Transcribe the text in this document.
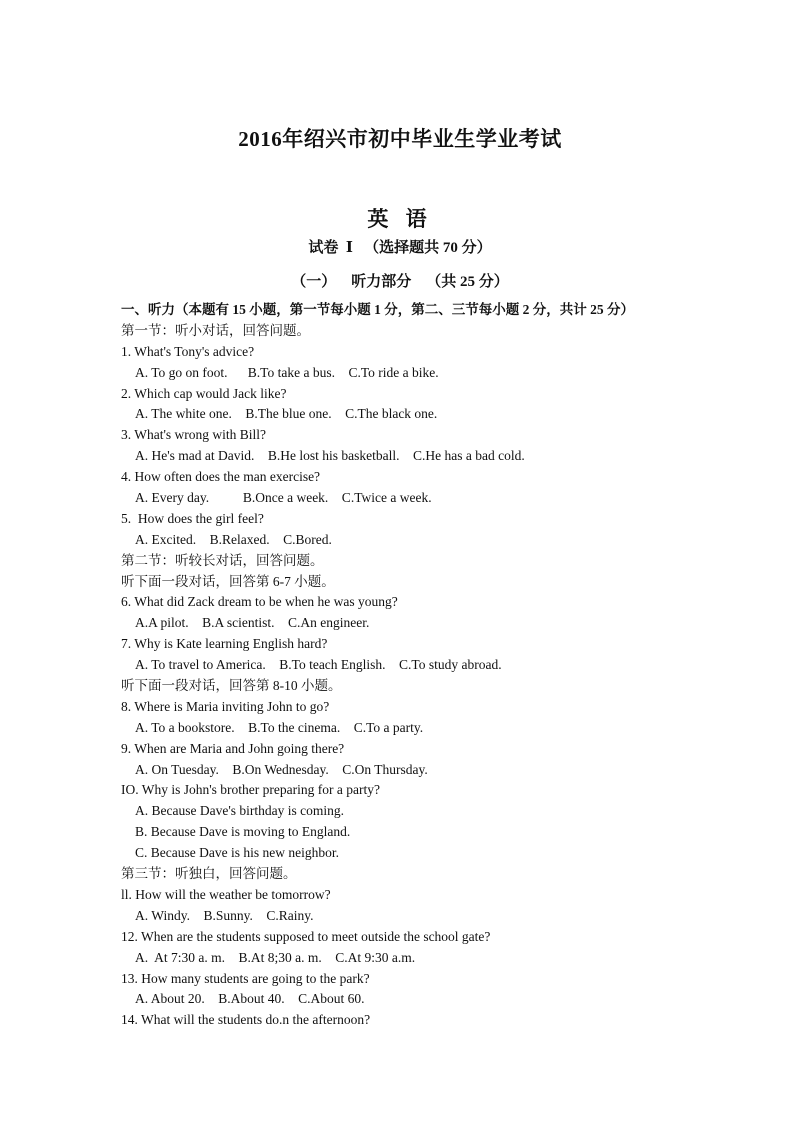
2016年绍兴市初中毕业生学业考试
英 语
试卷  Ⅰ   （选择题共 70 分）
（一）    听力部分    （共 25 分）
一、听力（本题有 15 小题，第一节每小题 1 分，第二、三节每小题 2 分，共计 25 分）
第一节：听小对话，回答问题。
1. What's Tony's advice?
A. To go on foot.      B.To take a bus.    C.To ride a bike.
2. Which cap would Jack like?
A. The white one.    B.The blue one.    C.The black one.
3. What's wrong with Bill?
A. He's mad at David.    B.He lost his basketball.    C.He has a bad cold.
4. How often does the man exercise?
A. Every day.          B.Once a week.    C.Twice a week.
5.  How does the girl feel?
A. Excited.    B.Relaxed.    C.Bored.
第二节：听较长对话，回答问题。
听下面一段对话，回答第 6-7 小题。
6. What did Zack dream to be when he was young?
A.A pilot.    B.A scientist.    C.An engineer.
7. Why is Kate learning English hard?
A. To travel to America.    B.To teach English.    C.To study abroad.
听下面一段对话，回答第 8-10 小题。
8. Where is Maria inviting John to go?
A. To a bookstore.    B.To the cinema.    C.To a party.
9. When are Maria and John going there?
A. On Tuesday.    B.On Wednesday.    C.On Thursday.
IO. Why is John's brother preparing for a party?
A. Because Dave's birthday is coming.
B. Because Dave is moving to England.
C. Because Dave is his new neighbor.
第三节：听独白，回答问题。
ll. How will the weather be tomorrow?
A. Windy.    B.Sunny.    C.Rainy.
12. When are the students supposed to meet outside the school gate?
A.  At 7:30 a. m.    B.At 8;30 a. m.    C.At 9:30 a.m.
13. How many students are going to the park?
A. About 20.    B.About 40.    C.About 60.
14. What will the students do.n the afternoon?
